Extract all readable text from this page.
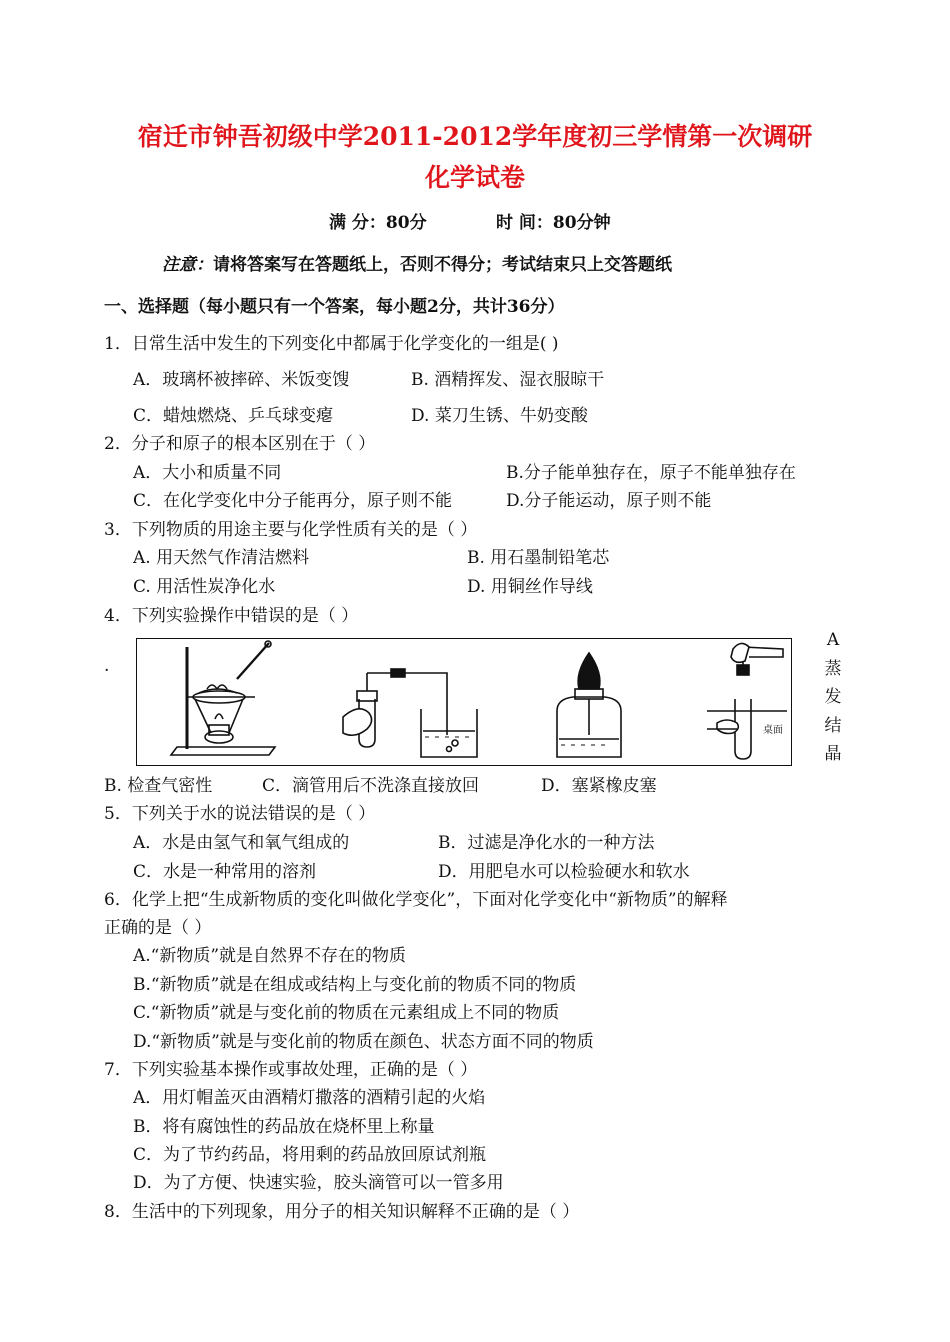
宿迁市钟吾初级中学2011-2012学年度初三学情第一次调研
化学试卷
满 分：80分	时 间：80分钟
注意：请将答案写在答题纸上，否则不得分；考试结束只上交答题纸
一、选择题（每小题只有一个答案，每小题2分，共计36分）
1．日常生活中发生的下列变化中都属于化学变化的一组是( )
A．玻璃杯被摔碎、米饭变馊	B. 酒精挥发、湿衣服晾干
C．蜡烛燃烧、乒乓球变瘪	D. 菜刀生锈、牛奶变酸
2．分子和原子的根本区别在于（ ）
A．大小和质量不同	B.分子能单独存在，原子不能单独存在
C．在化学变化中分子能再分，原子则不能	D.分子能运动，原子则不能
3．下列物质的用途主要与化学性质有关的是（ ）
A. 用天然气作清洁燃料	B. 用石墨制铅笔芯
C. 用活性炭净化水	D. 用铜丝作导线
4．下列实验操作中错误的是（ ）
.
A
蒸
发
结
晶
桌面
B. 检查气密性	C．滴管用后不洗涤直接放回	D．塞紧橡皮塞
5．下列关于水的说法错误的是（ ）
A．水是由氢气和氧气组成的	B．过滤是净化水的一种方法
C．水是一种常用的溶剂	D．用肥皂水可以检验硬水和软水
6．化学上把“生成新物质的变化叫做化学变化”，下面对化学变化中“新物质”的解释
正确的是（ ）
A.“新物质”就是自然界不存在的物质
B.“新物质”就是在组成或结构上与变化前的物质不同的物质
C.“新物质”就是与变化前的物质在元素组成上不同的物质
D.“新物质”就是与变化前的物质在颜色、状态方面不同的物质
7．下列实验基本操作或事故处理，正确的是（ ）
A．用灯帽盖灭由酒精灯撒落的酒精引起的火焰
B．将有腐蚀性的药品放在烧杯里上称量
C．为了节约药品，将用剩的药品放回原试剂瓶
D．为了方便、快速实验，胶头滴管可以一管多用
8．生活中的下列现象，用分子的相关知识解释不正确的是（ ）
